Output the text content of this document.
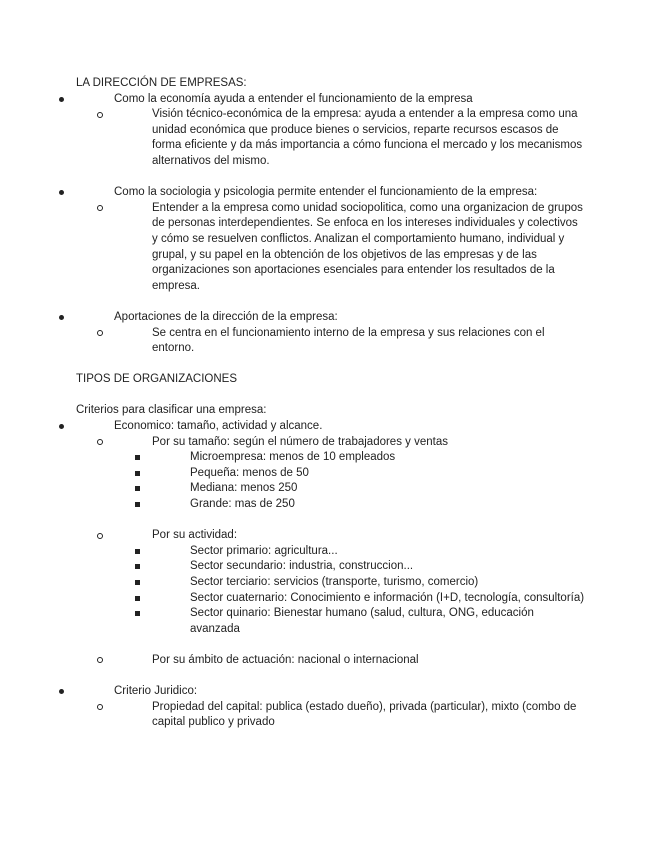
LA DIRECCIÓN DE EMPRESAS:

Como la economía ayuda a entender el funcionamiento de la empresa
Visión técnico-económica de la empresa: ayuda a entender a la empresa como una unidad económica que produce bienes o servicios, reparte recursos escasos de forma eficiente y da más importancia a cómo funciona el mercado y los mecanismos alternativos del mismo.
Como la sociologia y psicologia permite entender el funcionamiento de la empresa:
Entender a la empresa como unidad sociopolitica, como una organizacion de grupos de personas interdependientes. Se enfoca en los intereses individuales y colectivos y cómo se resuelven conflictos. Analizan el comportamiento humano, individual y grupal, y su papel en la obtención de los objetivos de las empresas y de las organizaciones son aportaciones esenciales para entender los resultados de la empresa.
Aportaciones de la dirección de la empresa:
Se centra en el funcionamiento interno de la empresa y sus relaciones con el entorno.

TIPOS DE ORGANIZACIONES

Criterios para clasificar una empresa:

Economico: tamaño, actividad y alcance.
Por su tamaño: según el número de trabajadores y ventas
Microempresa: menos de 10 empleados
Pequeña: menos de 50
Mediana: menos 250
Grande: mas de 250
Por su actividad:
Sector primario: agricultura...
Sector secundario: industria, construccion...
Sector terciario: servicios (transporte, turismo, comercio)
Sector cuaternario: Conocimiento e información (I+D, tecnología, consultoría)
Sector quinario: Bienestar humano (salud, cultura, ONG, educación avanzada
Por su ámbito de actuación: nacional o internacional
Criterio Juridico:
Propiedad del capital: publica (estado dueño), privada (particular), mixto (combo de capital publico y privado
